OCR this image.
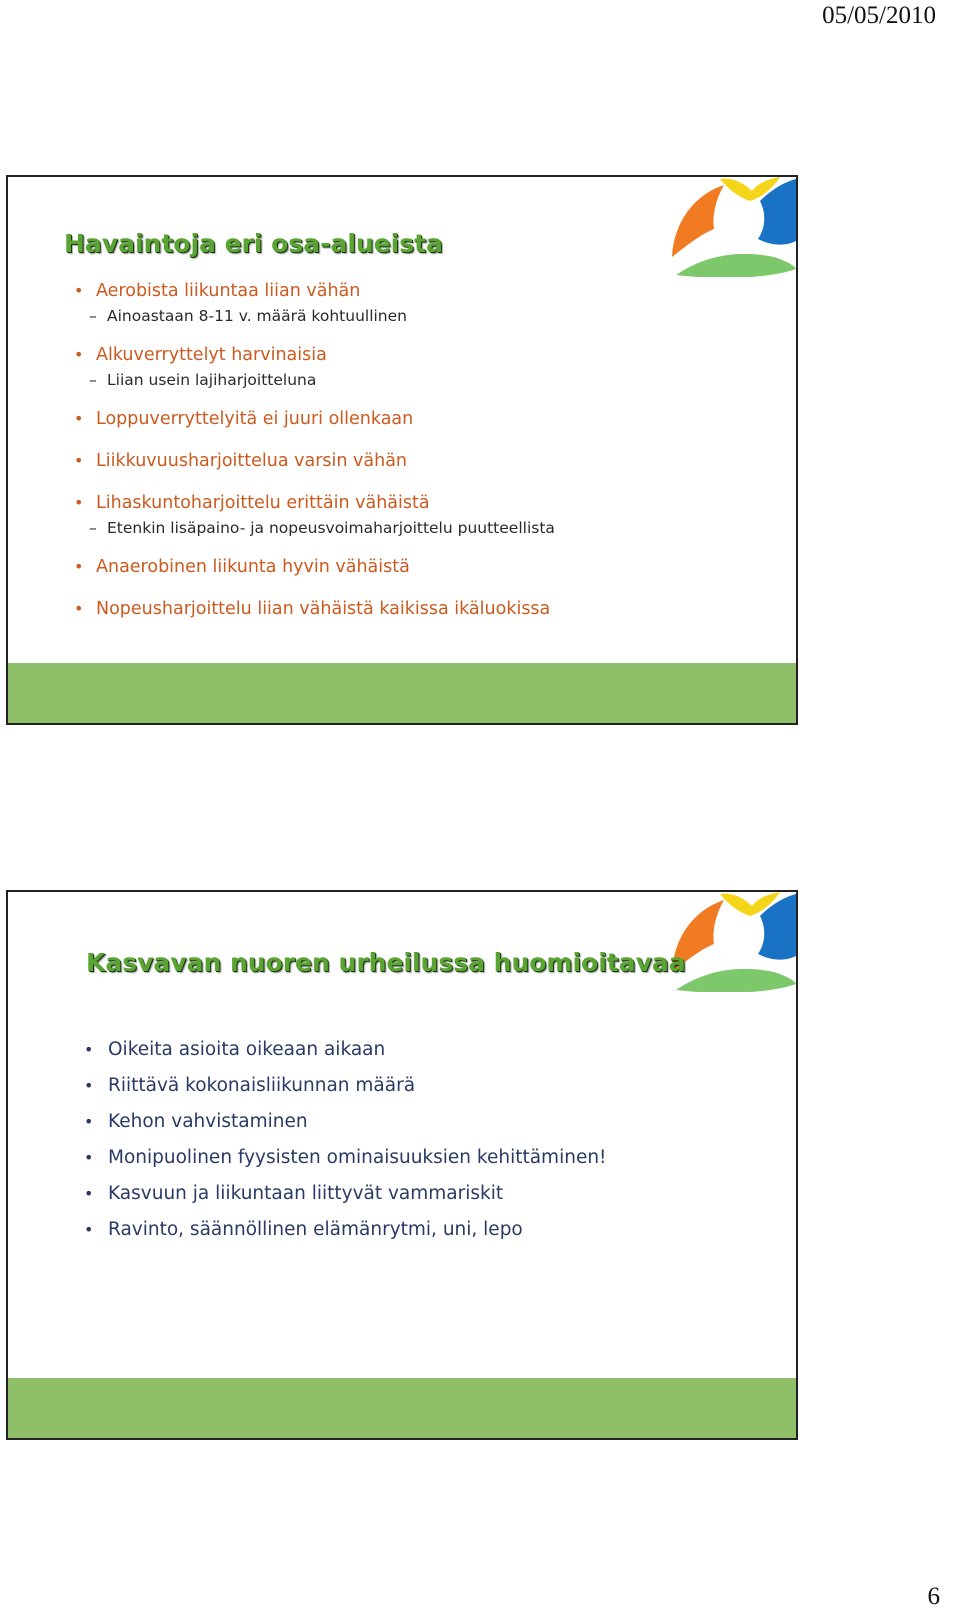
05/05/2010
Havaintoja eri osa-alueista
• Aerobista liikuntaa liian vähän
– Ainoastaan 8-11 v. määrä kohtuullinen
• Alkuverryttelyt harvinaisia
– Liian usein lajiharjoitteluna
• Loppuverryttelyitä ei juuri ollenkaan
• Liikkuvuusharjoittelua varsin vähän
• Lihaskuntoharjoittelu erittäin vähäistä
– Etenkin lisäpaino- ja nopeusvoimaharjoittelu puutteellista
• Anaerobinen liikunta hyvin vähäistä
• Nopeusharjoittelu liian vähäistä kaikissa ikäluokissa
Kasvavan nuoren urheilussa huomioitavaa
• Oikeita asioita oikeaan aikaan
• Riittävä kokonaisliikunnan määrä
• Kehon vahvistaminen
• Monipuolinen fyysisten ominaisuuksien kehittäminen!
• Kasvuun ja liikuntaan liittyvät vammariskit
• Ravinto, säännöllinen elämänrytmi, uni, lepo
6
